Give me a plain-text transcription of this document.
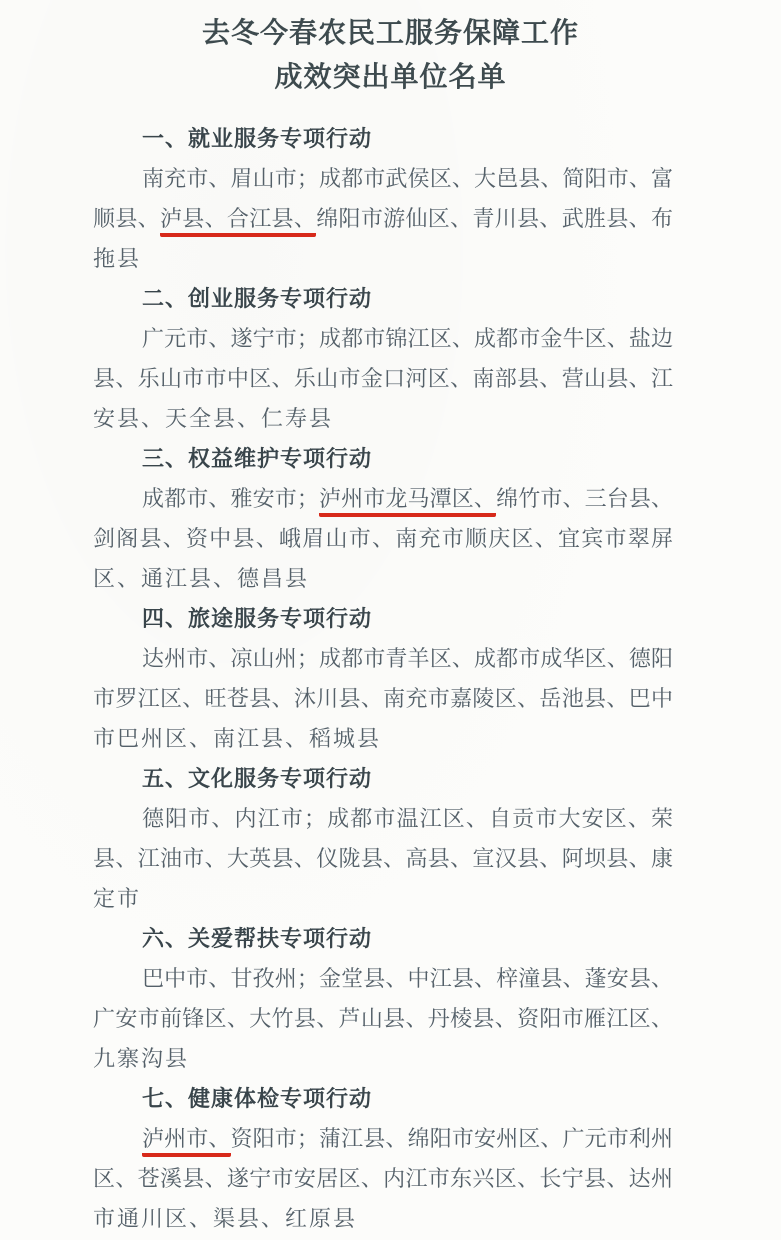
去冬今春农民工服务保障工作
成效突出单位名单
一、就业服务专项行动
南充市、眉山市；成都市武侯区、大邑县、简阳市、富
顺县、泸县、合江县、绵阳市游仙区、青川县、武胜县、布
拖县
二、创业服务专项行动
广元市、遂宁市；成都市锦江区、成都市金牛区、盐边
县、乐山市市中区、乐山市金口河区、南部县、营山县、江
安县、天全县、仁寿县
三、权益维护专项行动
成都市、雅安市；泸州市龙马潭区、绵竹市、三台县、
剑阁县、资中县、峨眉山市、南充市顺庆区、宜宾市翠屏
区、通江县、德昌县
四、旅途服务专项行动
达州市、凉山州；成都市青羊区、成都市成华区、德阳
市罗江区、旺苍县、沐川县、南充市嘉陵区、岳池县、巴中
市巴州区、南江县、稻城县
五、文化服务专项行动
德阳市、内江市；成都市温江区、自贡市大安区、荣
县、江油市、大英县、仪陇县、高县、宣汉县、阿坝县、康
定市
六、关爱帮扶专项行动
巴中市、甘孜州；金堂县、中江县、梓潼县、蓬安县、
广安市前锋区、大竹县、芦山县、丹棱县、资阳市雁江区、
九寨沟县
七、健康体检专项行动
泸州市、资阳市；蒲江县、绵阳市安州区、广元市利州
区、苍溪县、遂宁市安居区、内江市东兴区、长宁县、达州
市通川区、渠县、红原县
